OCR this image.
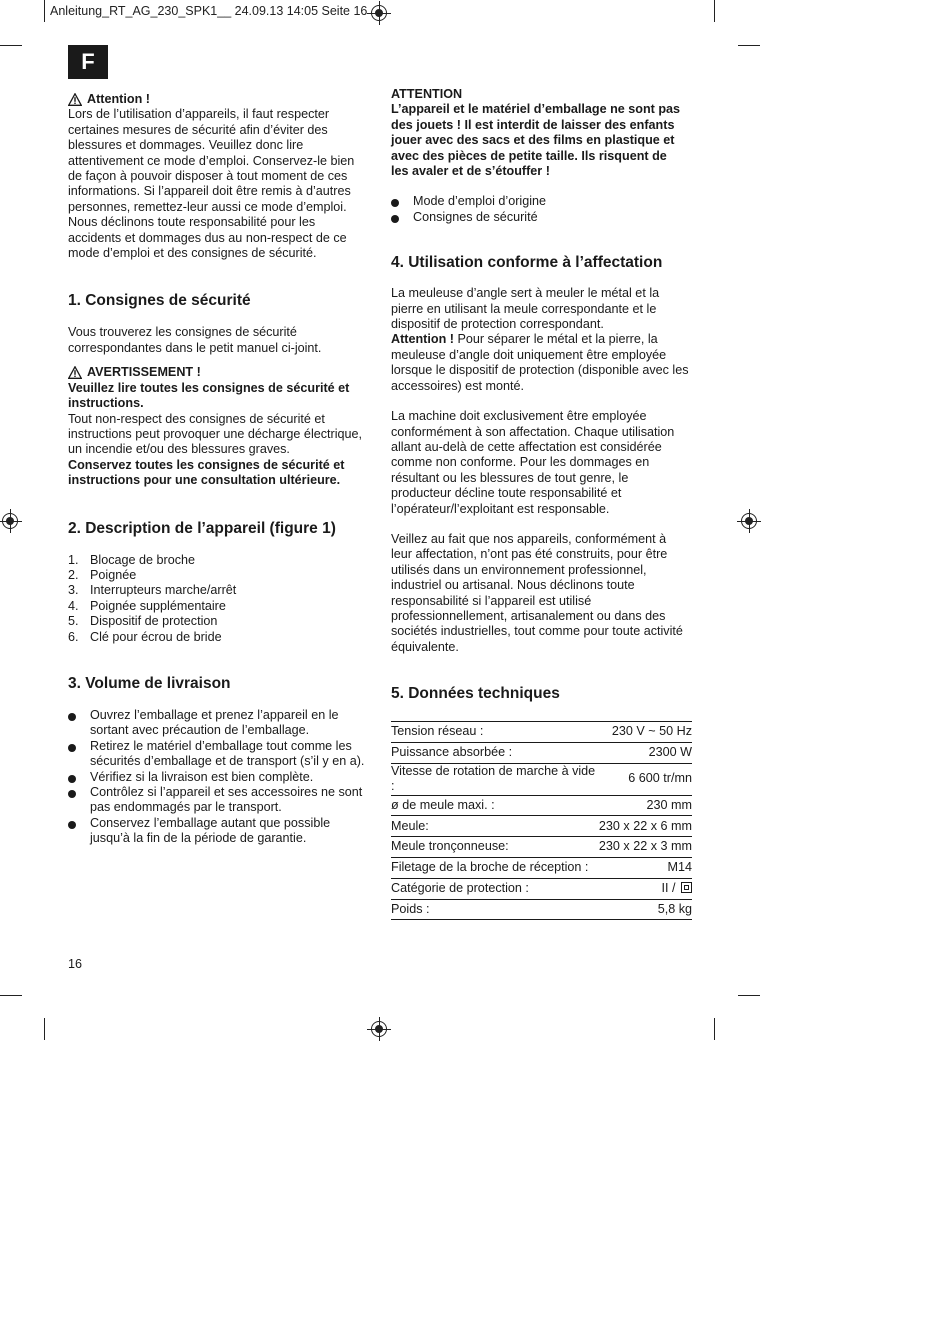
Anleitung_RT_AG_230_SPK1__ 24.09.13 14:05 Seite 16
F
Attention !

Lors de l’utilisation d’appareils, il faut respecter
certaines mesures de sécurité afin d’éviter des
blessures et dommages. Veuillez donc lire
attentivement ce mode d’emploi. Conservez-le bien
de façon à pouvoir disposer à tout moment de ces
informations. Si l’appareil doit être remis à d’autres
personnes, remettez-leur aussi ce mode d’emploi.
Nous déclinons toute responsabilité pour les
accidents et dommages dus au non-respect de ce
mode d’emploi et des consignes de sécurité.

1. Consignes de sécurité

Vous trouverez les consignes de sécurité
correspondantes dans le petit manuel ci-joint.

AVERTISSEMENT !

Veuillez lire toutes les consignes de sécurité et
instructions.

Tout non-respect des consignes de sécurité et
instructions peut provoquer une décharge électrique,
un incendie et/ou des blessures graves.

Conservez toutes les consignes de sécurité et
instructions pour une consultation ultérieure.

2. Description de l’appareil (figure 1)
1. Blocage de broche
2. Poignée
3. Interrupteurs marche/arrêt
4. Poignée supplémentaire
5. Dispositif de protection
6. Clé pour écrou de bride
3. Volume de livraison
Ouvrez l’emballage et prenez l’appareil en le
sortant avec précaution de l’emballage.
Retirez le matériel d’emballage tout comme les
sécurités d’emballage et de transport (s’il y en a).
Vérifiez si la livraison est bien complète.
Contrôlez si l’appareil et ses accessoires ne sont
pas endommagés par le transport.
Conservez l’emballage autant que possible
jusqu’à la fin de la période de garantie.

ATTENTION

L’appareil et le matériel d’emballage ne sont pas
des jouets ! Il est interdit de laisser des enfants
jouer avec des sacs et des films en plastique et
avec des pièces de petite taille. Ils risquent de
les avaler et de s’étouffer !

Mode d’emploi d’origine
Consignes de sécurité
4. Utilisation conforme à l’affectation

La meuleuse d’angle sert à meuler le métal et la
pierre en utilisant la meule correspondante et le
dispositif de protection correspondant.
Attention ! Pour séparer le métal et la pierre, la
meuleuse d’angle doit uniquement être employée
lorsque le dispositif de protection (disponible avec les
accessoires) est monté.

La machine doit exclusivement être employée
conformément à son affectation. Chaque utilisation
allant au-delà de cette affectation est considérée
comme non conforme. Pour les dommages en
résultant ou les blessures de tout genre, le
producteur décline toute responsabilité et
l’opérateur/l’exploitant est responsable.

Veillez au fait que nos appareils, conformément à
leur affectation, n’ont pas été construits, pour être
utilisés dans un environnement professionnel,
industriel ou artisanal. Nous déclinons toute
responsabilité si l’appareil est utilisé
professionnellement, artisanalement ou dans des
sociétés industrielles, tout comme pour toute activité
équivalente.

5. Données techniques
Tension réseau :	230 V ~ 50 Hz
Puissance absorbée :	2300 W
Vitesse de rotation de marche à vide :	6 600 tr/mn
ø de meule maxi. :	230 mm
Meule:	230 x 22 x 6 mm
Meule tronçonneuse:	230 x 22 x 3 mm
Filetage de la broche de réception :	M14
Catégorie de protection :	II /
Poids :	5,8 kg
16
